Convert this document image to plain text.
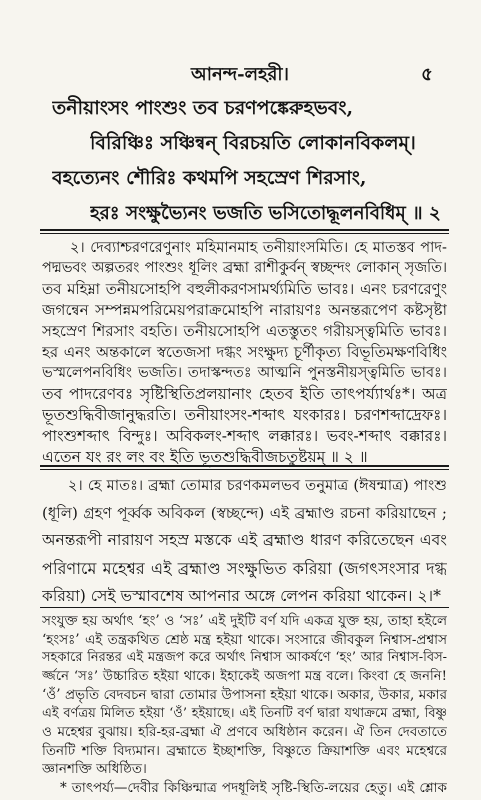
আনন্দ-লহরী।	৫
তনীয়াংসং পাংশুং তব চরণপঙ্কেরুহভবং,
বিরিঞ্চিঃ সঞ্চিন্বন্ বিরচয়তি লোকানবিকলম্।
বহত্যেনং শৌরিঃ কথমপি সহস্রেণ শিরসাং,
হরঃ সংক্ষুভ্যৈনং ভজতি ভসিতোদ্ধূলনবিধিম্ ॥ ২
২। দেব্যাশ্চরণরেণুনাং মহিমানমাহ তনীয়াংসমিতি। হে মাতস্তব পাদ-
পদ্মভবং অল্পতরং পাংশুং ধূলিং ব্রহ্মা রাশীকুর্বন্ স্বচ্ছন্দং লোকান্ সৃজতি।
তব মহিম্না তনীয়সোহপি বহুলীকরণসামর্থ্যমিতি ভাবঃ। এনং চরণরেণুং
জগন্বেন সম্পন্নমপরিমেয়পরাক্রমোহপি নারায়ণঃ অনন্তরূপেণ কষ্টসৃষ্টা
সহস্রেণ শিরসাং বহতি। তনীয়সোহপি এতস্তুতং গরীয়স্ত্বমিতি ভাবঃ।
হর এনং অন্তকালে স্বতেজসা দগ্ধং সংক্ষুদ্য চূর্ণীকৃত্য বিভূতিমক্ষণবিধিং
ভস্মলেপনবিধিং ভজতি। তদাস্কন্দতঃ আত্মনি পুনস্তনীয়স্ত্বমিতি ভাবঃ।
তব পাদরেণবঃ সৃষ্টিস্থিতিপ্রলয়ানাং হেতব ইতি তাৎপর্য্যার্থঃ*। অত্র
ভূতশুদ্ধিবীজানুদ্ধরতি। তনীয়াংসং-শব্দাৎ যংকারঃ। চরণশব্দাদ্রেফঃ।
পাংশুশব্দাৎ বিন্দুঃ। অবিকলং-শব্দাৎ লক্কারঃ। ভবং-শব্দাৎ বক্কারঃ।
এতেন যং রং লং বং ইতি ভূতশুদ্ধিবীজচতুষ্টয়ম্ ॥ ২ ॥
২। হে মাতঃ। ব্রহ্মা তোমার চরণকমলভব তনুমাত্র (ঈষন্মাত্র) পাংশু
(ধূলি) গ্রহণ পূর্ব্বক অবিকল (স্বচ্ছন্দে) এই ব্রহ্মাণ্ড রচনা করিয়াছেন ;
অনন্তরূপী নারায়ণ সহস্র মস্তকে এই ব্রহ্মাণ্ড ধারণ করিতেছেন এবং
পরিণামে মহেশ্বর এই ব্রহ্মাণ্ড সংক্ষুভিত করিয়া (জগৎসংসার দগ্ধ
করিয়া) সেই ভস্মাবশেষ আপনার অঙ্গে লেপন করিয়া থাকেন। ২।*
সংযুক্ত হয় অর্থাৎ ‘হং’ ও ‘সঃ’ এই দুইটি বর্ণ যদি একত্র যুক্ত হয়, তাহা হইলে
‘হংসঃ’ এই তন্ত্রকথিত শ্রেষ্ঠ মন্ত্র হইয়া থাকে। সংসারে জীবকুল নিশ্বাস-প্রশ্বাস
সহকারে নিরন্তর এই মন্ত্রজপ করে অর্থাৎ নিশ্বাস আকর্ষণে ‘হং’ আর নিশ্বাস-বিস-
র্জ্জনে ‘সঃ’ উচ্চারিত হইয়া থাকে। ইহাকেই অজপা মন্ত্র বলে। কিংবা হে জননি!
‘ওঁ’ প্রভৃতি বেদবচন দ্বারা তোমার উপাসনা হইয়া থাকে। অকার, উকার, মকার
এই বর্ণত্রয় মিলিত হইয়া ‘ওঁ’ হইয়াছে। এই তিনটি বর্ণ দ্বারা যথাক্রমে ব্রহ্মা, বিষ্ণু
ও মহেশ্বর বুঝায়। হরি-হর-ব্রহ্মা ঐ প্রণবে অধিষ্ঠান করেন। ঐ তিন দেবতাতে
তিনটি শক্তি বিদ্যমান। ব্রহ্মাতে ইচ্ছাশক্তি, বিষ্ণুতে ক্রিয়াশক্তি এবং মহেশ্বরে
জ্ঞানশক্তি অধিষ্ঠিত।
* তাৎপর্য্য—দেবীর কিঞ্চিন্মাত্র পদধূলিই সৃষ্টি-স্থিতি-লয়ের হেতু। এই শ্লোক
